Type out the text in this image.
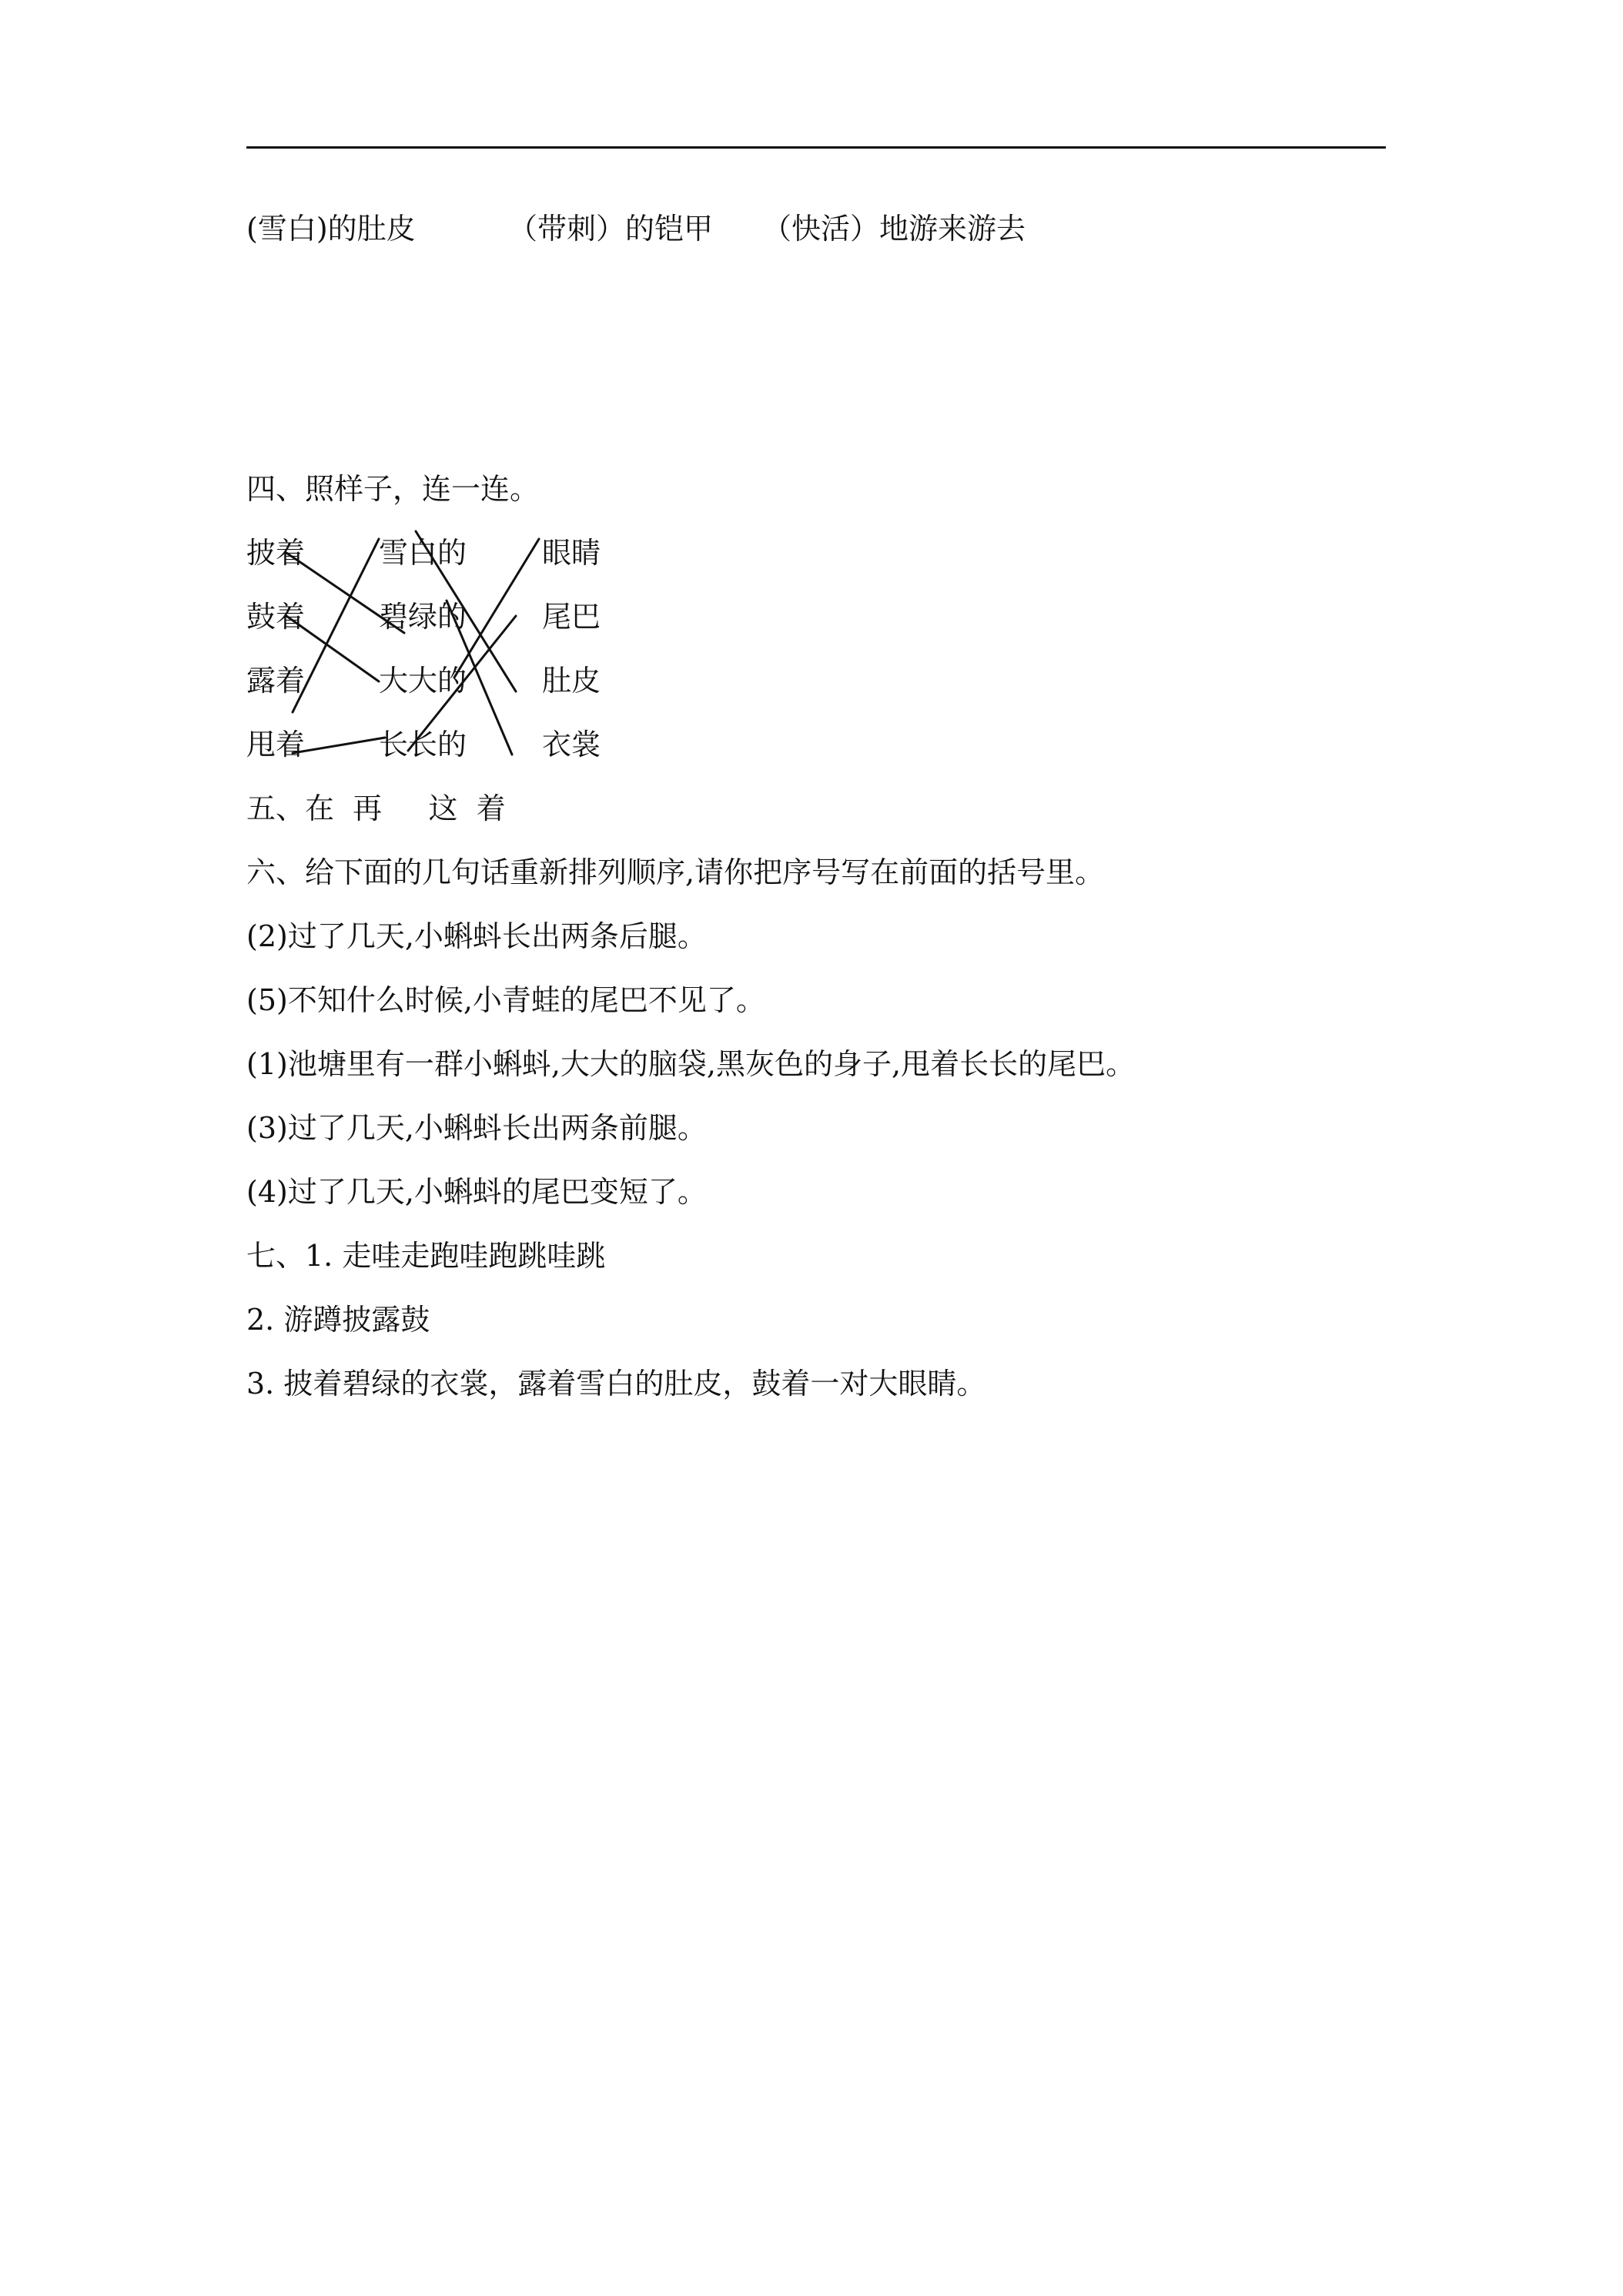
(雪白)的肚皮	（带刺）的铠甲	（快活）地游来游去
四、照样子，连一连。
披着
鼓着
露着
甩着
雪白的
碧绿的
大大的
长长的
眼睛
尾巴
肚皮
衣裳
五、在  再     这  着
六、给下面的几句话重新排列顺序,请你把序号写在前面的括号里。
(2)过了几天,小蝌蚪长出两条后腿。
(5)不知什么时候,小青蛙的尾巴不见了。
(1)池塘里有一群小蝌蚪,大大的脑袋,黑灰色的身子,甩着长长的尾巴。
(3)过了几天,小蝌蚪长出两条前腿。
(4)过了几天,小蝌蚪的尾巴变短了。
七、1. 走哇走跑哇跑跳哇跳
2. 游蹲披露鼓
3. 披着碧绿的衣裳，露着雪白的肚皮，鼓着一对大眼睛。
